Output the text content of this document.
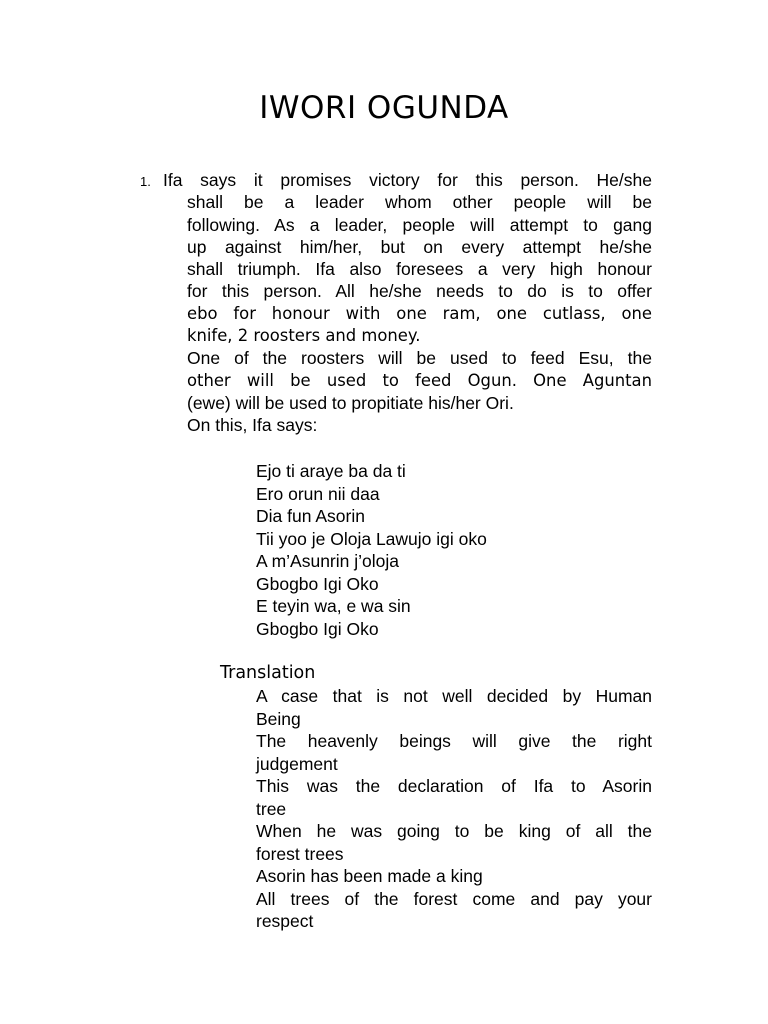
IWORI OGUNDA
1. Ifa says it promises victory for this person. He/she

shall be a leader whom other people will be
following. As a leader, people will attempt to gang
up against him/her, but on every attempt he/she
shall triumph. Ifa also foresees a very high honour
for this person. All he/she needs to do is to offer
ebo for honour with one ram, one cutlass, one
knife, 2 roosters and money.
One of the roosters will be used to feed Esu, the
other will be used to feed Ogun. One Aguntan
(ewe) will be used to propitiate his/her Ori.
On this, Ifa says:
Ejo ti araye ba da ti
Ero orun nii daa
Dia fun Asorin
Tii yoo je Oloja Lawujo igi oko
A m’Asunrin j’oloja
Gbogbo Igi Oko
E teyin wa, e wa sin
Gbogbo Igi Oko
Translation
A case that is not well decided by Human
Being
The heavenly beings will give the right
judgement
This was the declaration of Ifa to Asorin
tree
When he was going to be king of all the
forest trees
Asorin has been made a king
All trees of the forest come and pay your
respect
